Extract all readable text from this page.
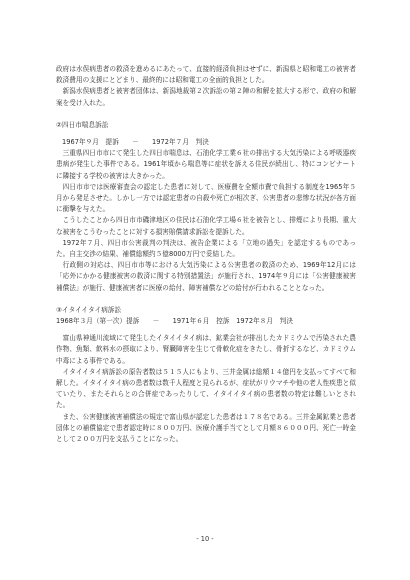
政府は水俣病患者の救済を進めるにあたって、直接的経済負担はせずに、新潟県と昭和電工の被害者救済費用の支援にとどまり、最終的には昭和電工の全面的負担とした。

新潟水俣病患者と被害者団体は、新潟地裁第２次訴訟の第２陣の和解を拡大する形で、政府の和解案を受け入れた。

②四日市喘息訴訟

1967年９月　提訴　　－　　1972年７月　判決

三重県四日市市にて発生した四日市喘息は、石油化学工業６社の排出する大気汚染による呼吸器疾患病が発生した事件である。1961年頃から喘息等に症状を訴える住民が続出し、特にコンビナートに隣接する学校の被害は大きかった。

四日市市では医療審査会の認定した患者に対して、医療費を全額市費で負担する制度を1965年５月から発足させた。しかし一方では認定患者の自殺や死亡が相次ぎ、公害患者の悲惨な状況が各方面に衝撃を与えた。

こうしたことから四日市市磯津地区の住民は石油化学工場６社を被告とし、排煙により長期、重大な被害をこうむったことに対する損害賠償請求訴訟を提訴した。

1972年７月、四日市公害裁判の判決は、被告企業による「立地の過失」を認定するものであった。自主交渉の結果、補償総額约５億8000万円で妥結した。

行政側の対応は、四日市市等における大気汚染による公害患者の救済のため、1969年12月には「応外にかかる健康被害の救済に関する特別措置法」が施行され、1974年９月には「公害健康被害補償法」が施行、健康被害者に医療の給付、障害補償などの給付が行われることとなった。

③イタイイタイ病訴訟

1968年３月（第一次）提訴　　－　　1971年６月　控訴　1972年８月　判決

富山県神通川流域にて発生したイタイイタイ病は、鉱業会社が排出したカドミウムで汚染された農作物、魚類、飲料水の摂取により、腎臓障害を生じて骨軟化症をきたし、骨折するなど、カドミウム中毒による事件である。

イタイイタイ病訴訟の原告者数は５１５人にもより、三井金属は総額１４億円を支払ってすべて和解した。イタイイタイ病の患者数は数千人程度と見られるが、症状がリウマチや他の老人性疾患と似ていたり、またそれらとの合併症であったりして、イタイイタイ病の患者数の特定は難しいとされた。

また、公害健康被害補償法の規定で富山県が認定した患者は１７８名である。三井金属鉱業と患者団体との補償協定で患者認定時に８００万円、医療介護手当てとして月額８６０００円、死亡一時金として２００万円を支払うことになった。

- 10 -
